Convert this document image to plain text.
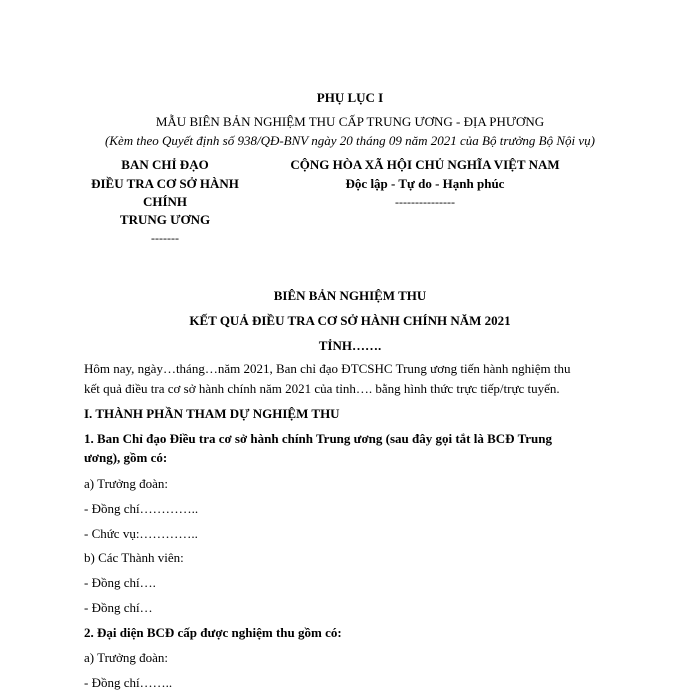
PHỤ LỤC I
MẪU BIÊN BẢN NGHIỆM THU CẤP TRUNG ƯƠNG - ĐỊA PHƯƠNG
(Kèm theo Quyết định số 938/QĐ-BNV ngày 20 tháng 09 năm 2021 của Bộ trưởng Bộ Nội vụ)
BAN CHỈ ĐẠO
ĐIỀU TRA CƠ SỞ HÀNH
CHÍNH
TRUNG ƯƠNG
-------
CỘNG HÒA XÃ HỘI CHỦ NGHĨA VIỆT NAM
Độc lập - Tự do - Hạnh phúc
---------------
BIÊN BẢN NGHIỆM THU
KẾT QUẢ ĐIỀU TRA CƠ SỞ HÀNH CHÍNH NĂM 2021
TỈNH…….
Hôm nay, ngày…tháng…năm 2021, Ban chỉ đạo ĐTCSHC Trung ương tiến hành nghiệm thu
kết quả điều tra cơ sở hành chính năm 2021 của tỉnh…. bằng hình thức trực tiếp/trực tuyến.
I. THÀNH PHẦN THAM DỰ NGHIỆM THU
1. Ban Chỉ đạo Điều tra cơ sở hành chính Trung ương (sau đây gọi tắt là BCĐ Trung
ương), gồm có:
a) Trưởng đoàn:
- Đồng chí…………..
- Chức vụ:…………..
b) Các Thành viên:
- Đồng chí….
- Đồng chí…
2. Đại diện BCĐ cấp được nghiệm thu gồm có:
a) Trưởng đoàn:
- Đồng chí……..
